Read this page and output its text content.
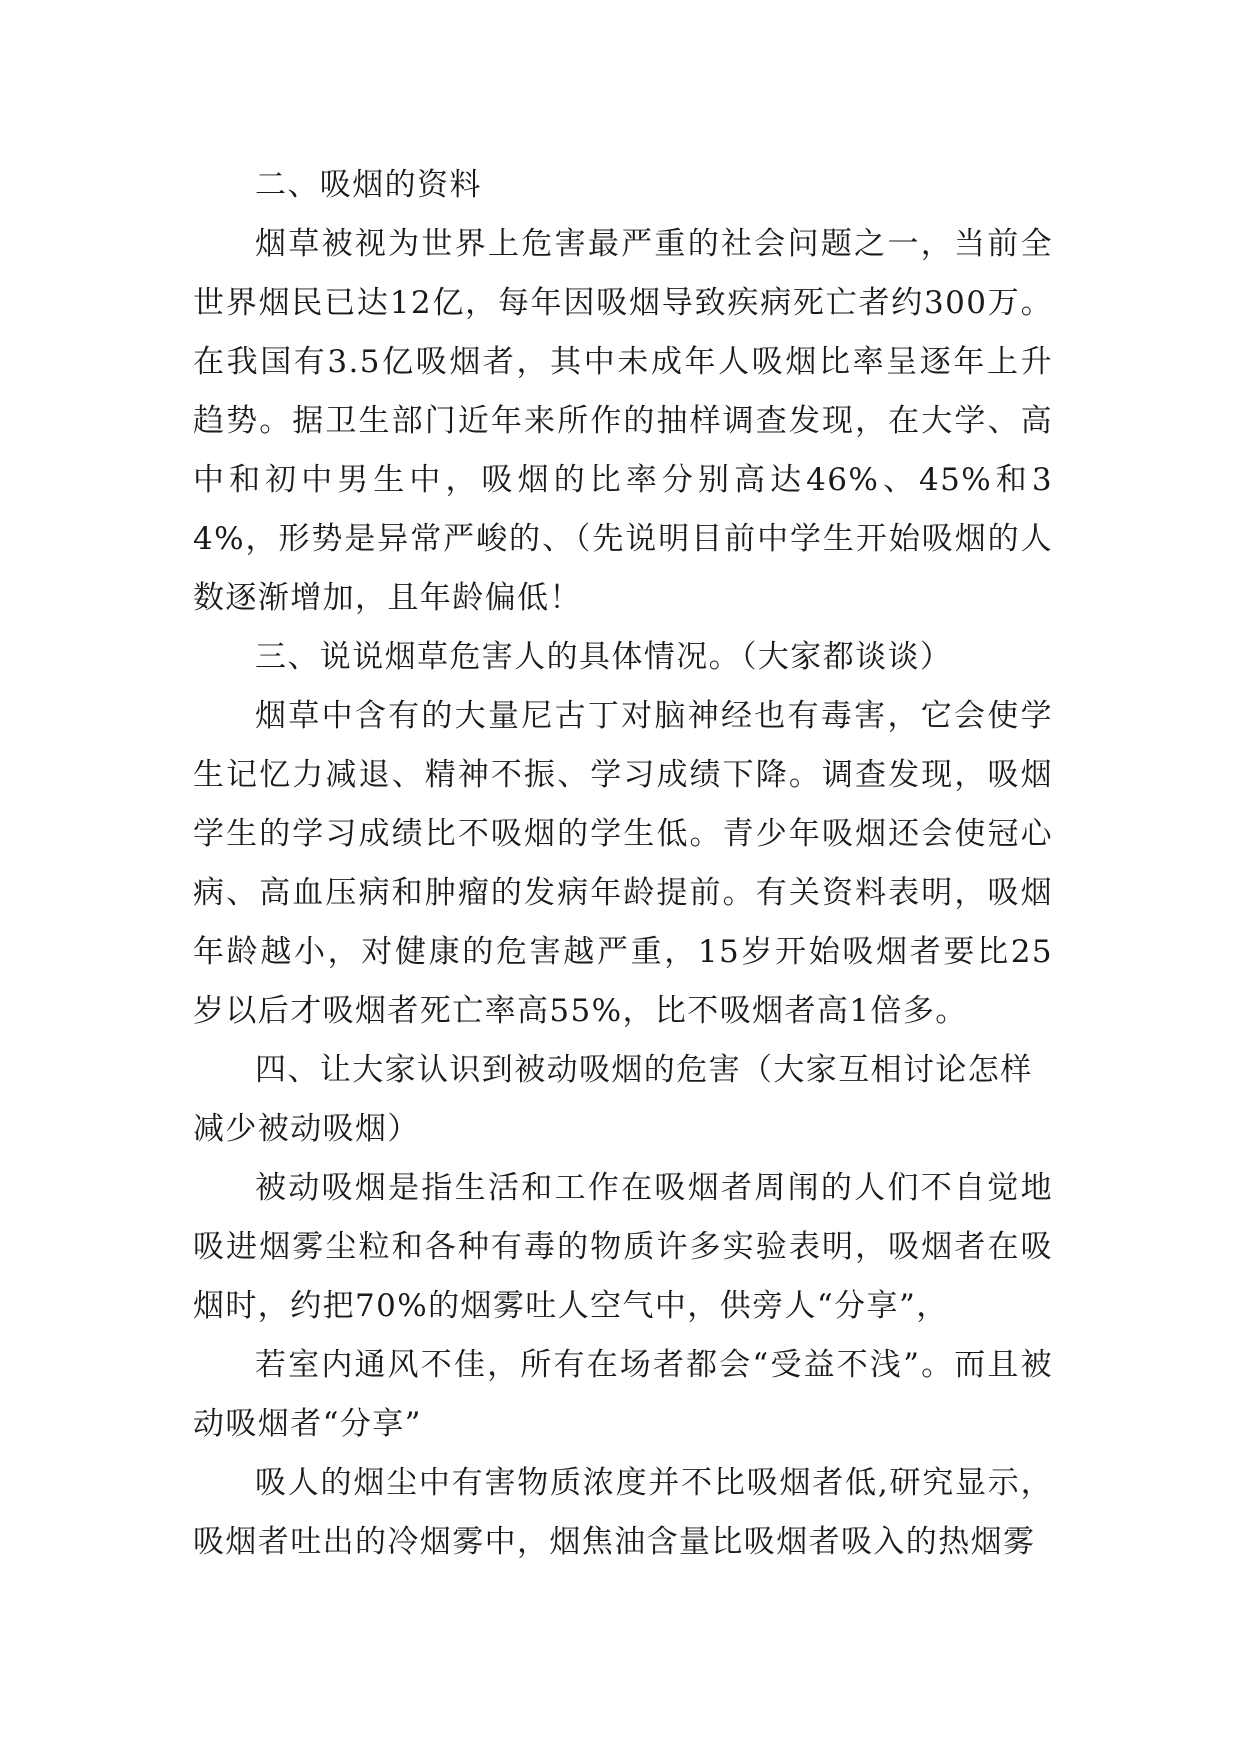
二、吸烟的资料

烟草被视为世界上危害最严重的社会问题之一，当前全世界烟民已达12亿，每年因吸烟导致疾病死亡者约300万。在我国有3.5亿吸烟者，其中未成年人吸烟比率呈逐年上升趋势。据卫生部门近年来所作的抽样调查发现，在大学、高中和初中男生中，吸烟的比率分别高达46%、45%和34%，形势是异常严峻的、（先说明目前中学生开始吸烟的人数逐渐增加，且年龄偏低！

三、说说烟草危害人的具体情况。（大家都谈谈）

烟草中含有的大量尼古丁对脑神经也有毒害，它会使学生记忆力减退、精神不振、学习成绩下降。调查发现，吸烟学生的学习成绩比不吸烟的学生低。青少年吸烟还会使冠心病、高血压病和肿瘤的发病年龄提前。有关资料表明，吸烟年龄越小，对健康的危害越严重，15岁开始吸烟者要比25岁以后才吸烟者死亡率高55%，比不吸烟者高1倍多。

四、让大家认识到被动吸烟的危害（大家互相讨论怎样减少被动吸烟）

被动吸烟是指生活和工作在吸烟者周闱的人们不自觉地吸进烟雾尘粒和各种有毒的物质许多实验表明，吸烟者在吸烟时，约把70%的烟雾吐人空气中，供旁人“分享”，

若室内通风不佳，所有在场者都会“受益不浅”。而且被动吸烟者“分享”

吸人的烟尘中有害物质浓度并不比吸烟者低,研究显示，吸烟者吐出的冷烟雾中，烟焦油含量比吸烟者吸入的热烟雾
